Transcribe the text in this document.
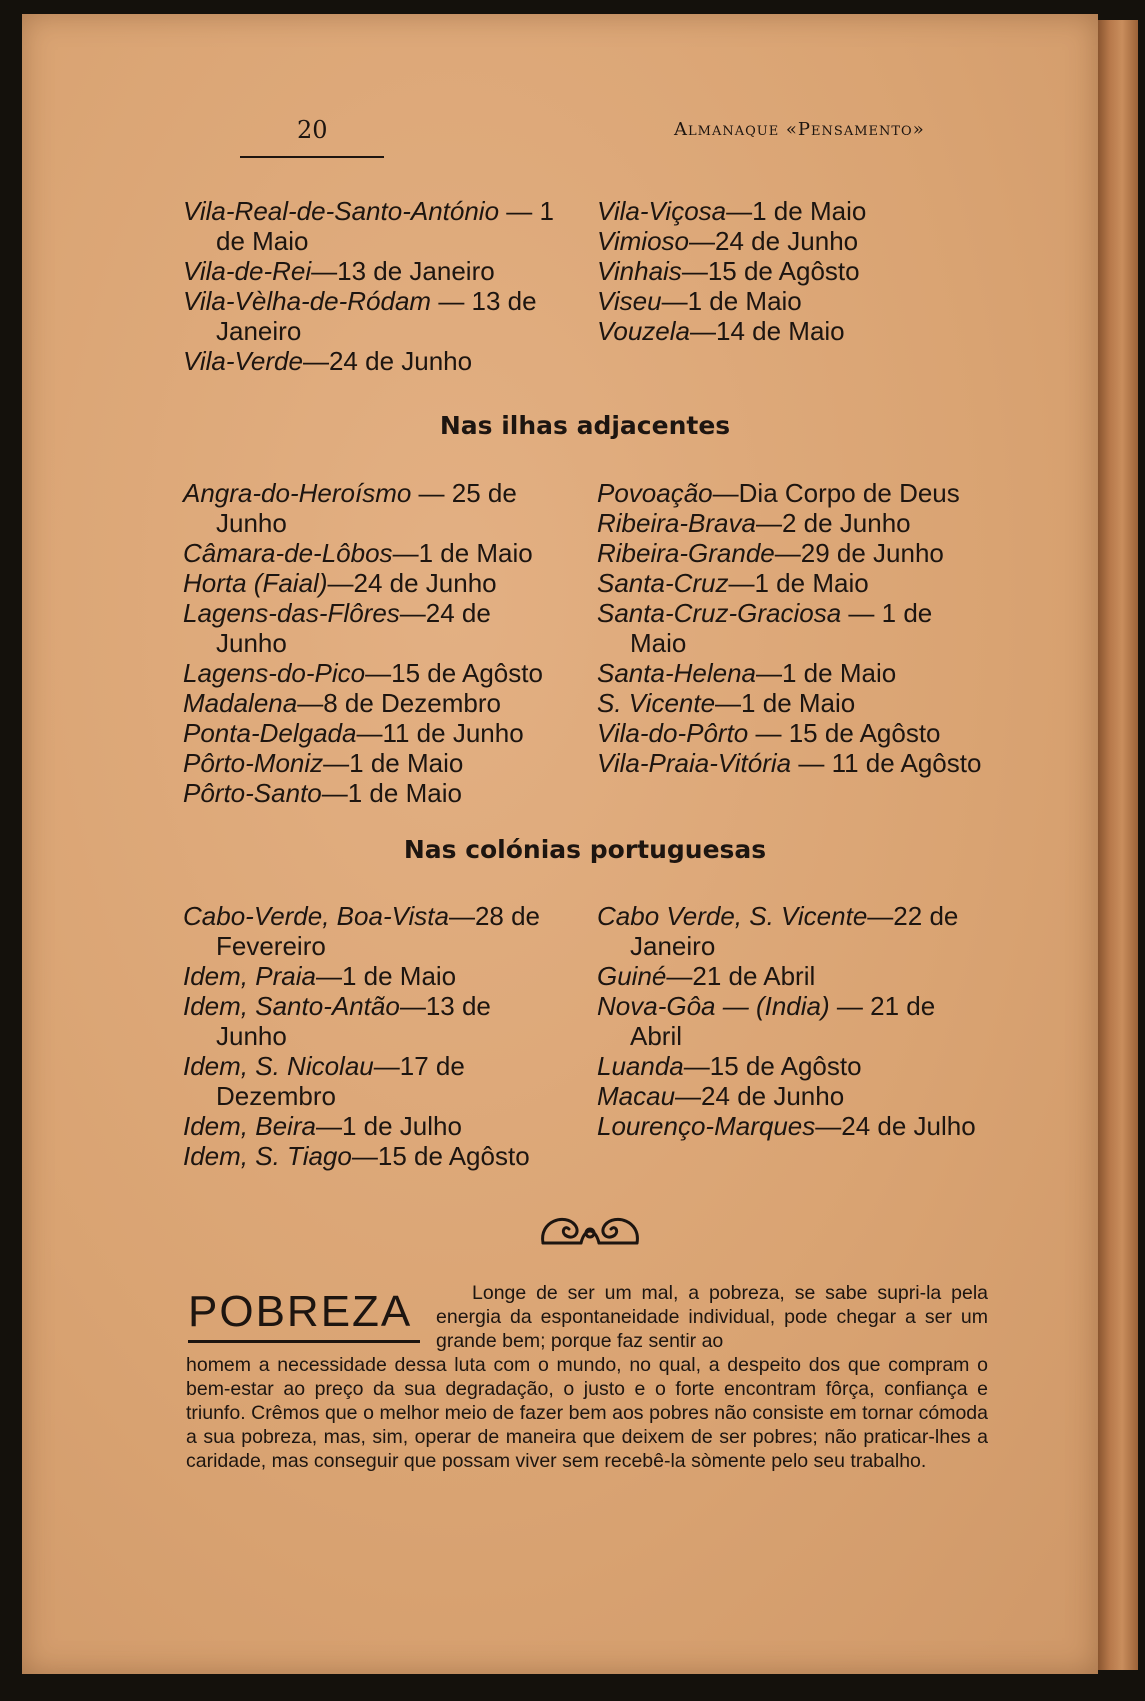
20	Almanaque «Pensamento»
Vila-Real-de-Santo-António — 1 de Maio
Vila-de-Rei—13 de Janeiro
Vila-Vèlha-de-Ródam — 13 de Janeiro
Vila-Verde—24 de Junho
Vila-Viçosa—1 de Maio
Vimioso—24 de Junho
Vinhais—15 de Agôsto
Viseu—1 de Maio
Vouzela—14 de Maio
Nas ilhas adjacentes
Angra-do-Heroísmo — 25 de Junho
Câmara-de-Lôbos—1 de Maio
Horta (Faial)—24 de Junho
Lagens-das-Flôres—24 de Junho
Lagens-do-Pico—15 de Agôsto
Madalena—8 de Dezembro
Ponta-Delgada—11 de Junho
Pôrto-Moniz—1 de Maio
Pôrto-Santo—1 de Maio
Povoação—Dia Corpo de Deus
Ribeira-Brava—2 de Junho
Ribeira-Grande—29 de Junho
Santa-Cruz—1 de Maio
Santa-Cruz-Graciosa — 1 de Maio
Santa-Helena—1 de Maio
S. Vicente—1 de Maio
Vila-do-Pôrto — 15 de Agôsto
Vila-Praia-Vitória — 11 de Agôsto
Nas colónias portuguesas
Cabo-Verde, Boa-Vista—28 de Fevereiro
Idem, Praia—1 de Maio
Idem, Santo-Antão—13 de Junho
Idem, S. Nicolau—17 de Dezembro
Idem, Beira—1 de Julho
Idem, S. Tiago—15 de Agôsto
Cabo Verde, S. Vicente—22 de Janeiro
Guiné—21 de Abril
Nova-Gôa — (India) — 21 de Abril
Luanda—15 de Agôsto
Macau—24 de Junho
Lourenço-Marques—24 de Julho
POBREZA	Longe de ser um mal, a pobreza, se sabe supri-la pela energia da espontaneidade individual, pode chegar a ser um grande bem; porque faz sentir ao
homem a necessidade dessa luta com o mundo, no qual, a despeito dos que compram o bem-estar ao preço da sua degradação, o justo e o forte encontram fôrça, confiança e triunfo. Crêmos que o melhor meio de fazer bem aos pobres não consiste em tornar cómoda a sua pobreza, mas, sim, operar de maneira que deixem de ser pobres; não praticar-lhes a caridade, mas conseguir que possam viver sem recebê-la sòmente pelo seu trabalho.
